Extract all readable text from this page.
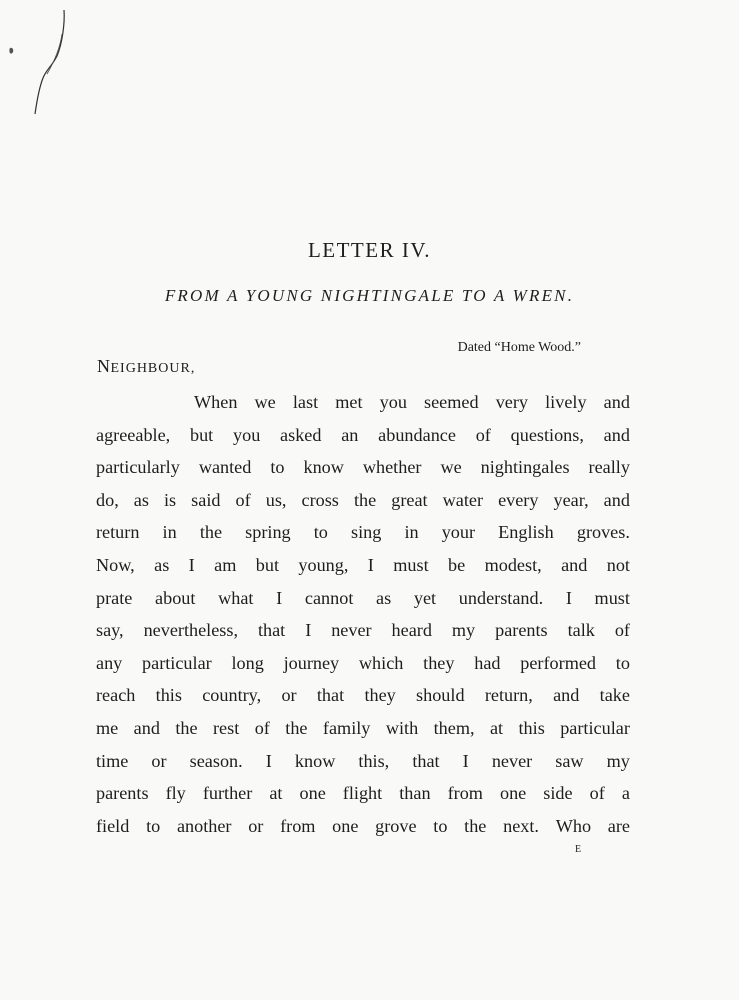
LETTER IV.
FROM A YOUNG NIGHTINGALE TO A WREN.
Dated “Home Wood.”
NEIGHBOUR,
When we last met you seemed very lively and
agreeable, but you asked an abundance of questions, and
particularly wanted to know whether we nightingales really
do, as is said of us, cross the great water every year, and
return in the spring to sing in your English groves.
Now, as I am but young, I must be modest, and not
prate about what I cannot as yet understand. I must
say, nevertheless, that I never heard my parents talk of
any particular long journey which they had performed to
reach this country, or that they should return, and take
me and the rest of the family with them, at this particular
time or season. I know this, that I never saw my
parents fly further at one flight than from one side of a
field to another or from one grove to the next. Who are
E
